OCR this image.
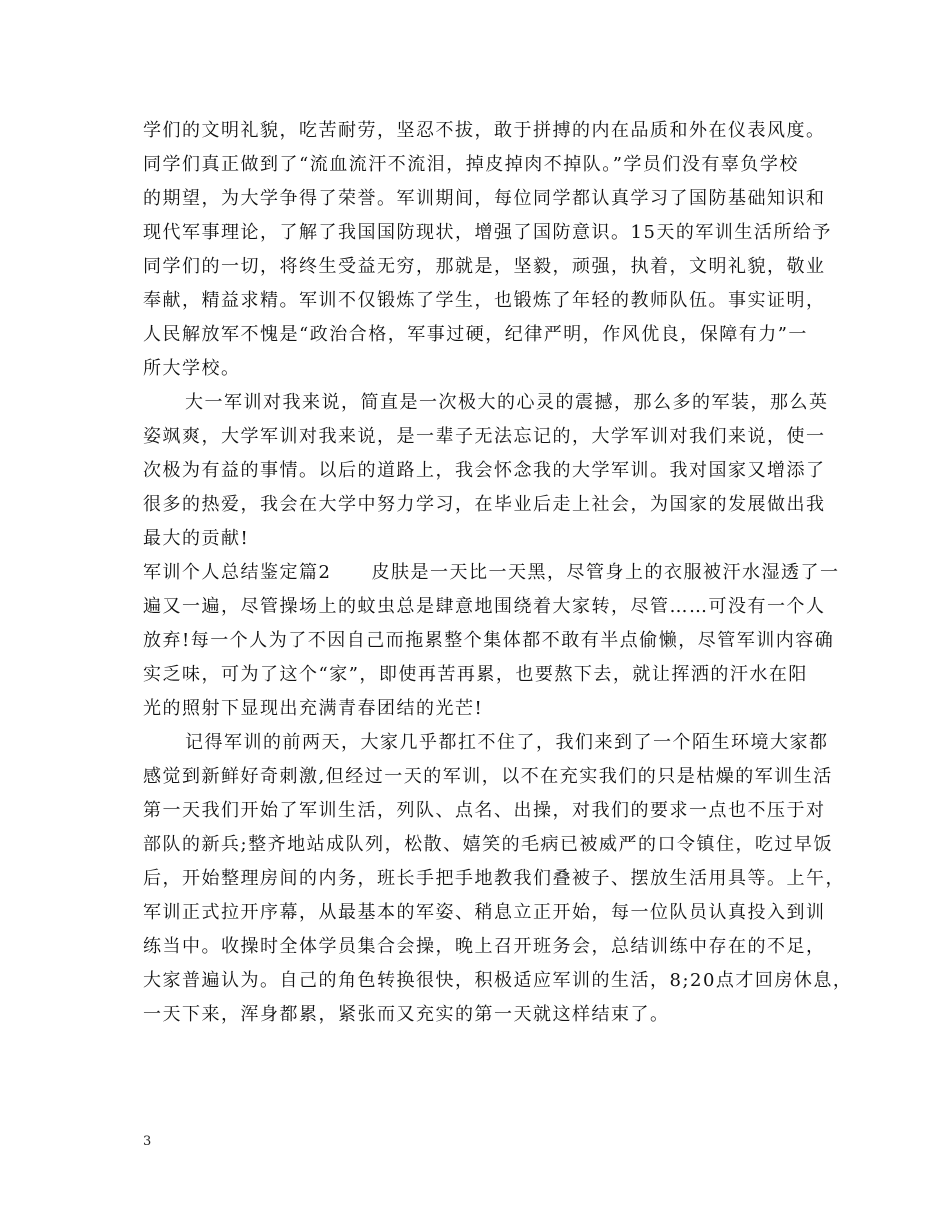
学们的文明礼貌，吃苦耐劳，坚忍不拔，敢于拼搏的内在品质和外在仪表风度。
同学们真正做到了“流血流汗不流泪，掉皮掉肉不掉队。”学员们没有辜负学校
的期望，为大学争得了荣誉。军训期间，每位同学都认真学习了国防基础知识和
现代军事理论，了解了我国国防现状，增强了国防意识。15天的军训生活所给予
同学们的一切，将终生受益无穷，那就是，坚毅，顽强，执着，文明礼貌，敬业
奉献，精益求精。军训不仅锻炼了学生，也锻炼了年轻的教师队伍。事实证明，
人民解放军不愧是“政治合格，军事过硬，纪律严明，作风优良，保障有力”一
所大学校。
大一军训对我来说，简直是一次极大的心灵的震撼，那么多的军装，那么英
姿飒爽，大学军训对我来说，是一辈子无法忘记的，大学军训对我们来说，使一
次极为有益的事情。以后的道路上，我会怀念我的大学军训。我对国家又增添了
很多的热爱，我会在大学中努力学习，在毕业后走上社会，为国家的发展做出我
最大的贡献!
军训个人总结鉴定篇2 皮肤是一天比一天黑，尽管身上的衣服被汗水湿透了一
遍又一遍，尽管操场上的蚊虫总是肆意地围绕着大家转，尽管……可没有一个人
放弃!每一个人为了不因自己而拖累整个集体都不敢有半点偷懒，尽管军训内容确
实乏味，可为了这个“家”，即使再苦再累，也要熬下去，就让挥洒的汗水在阳
光的照射下显现出充满青春团结的光芒!
记得军训的前两天，大家几乎都扛不住了，我们来到了一个陌生环境大家都
感觉到新鲜好奇刺激,但经过一天的军训，以不在充实我们的只是枯燥的军训生活
第一天我们开始了军训生活，列队、点名、出操，对我们的要求一点也不压于对
部队的新兵;整齐地站成队列，松散、嬉笑的毛病已被威严的口令镇住，吃过早饭
后，开始整理房间的内务，班长手把手地教我们叠被子、摆放生活用具等。上午，
军训正式拉开序幕，从最基本的军姿、稍息立正开始，每一位队员认真投入到训
练当中。收操时全体学员集合会操，晚上召开班务会，总结训练中存在的不足，
大家普遍认为。自己的角色转换很快，积极适应军训的生活，8;20点才回房休息，
一天下来，浑身都累，紧张而又充实的第一天就这样结束了。
3
